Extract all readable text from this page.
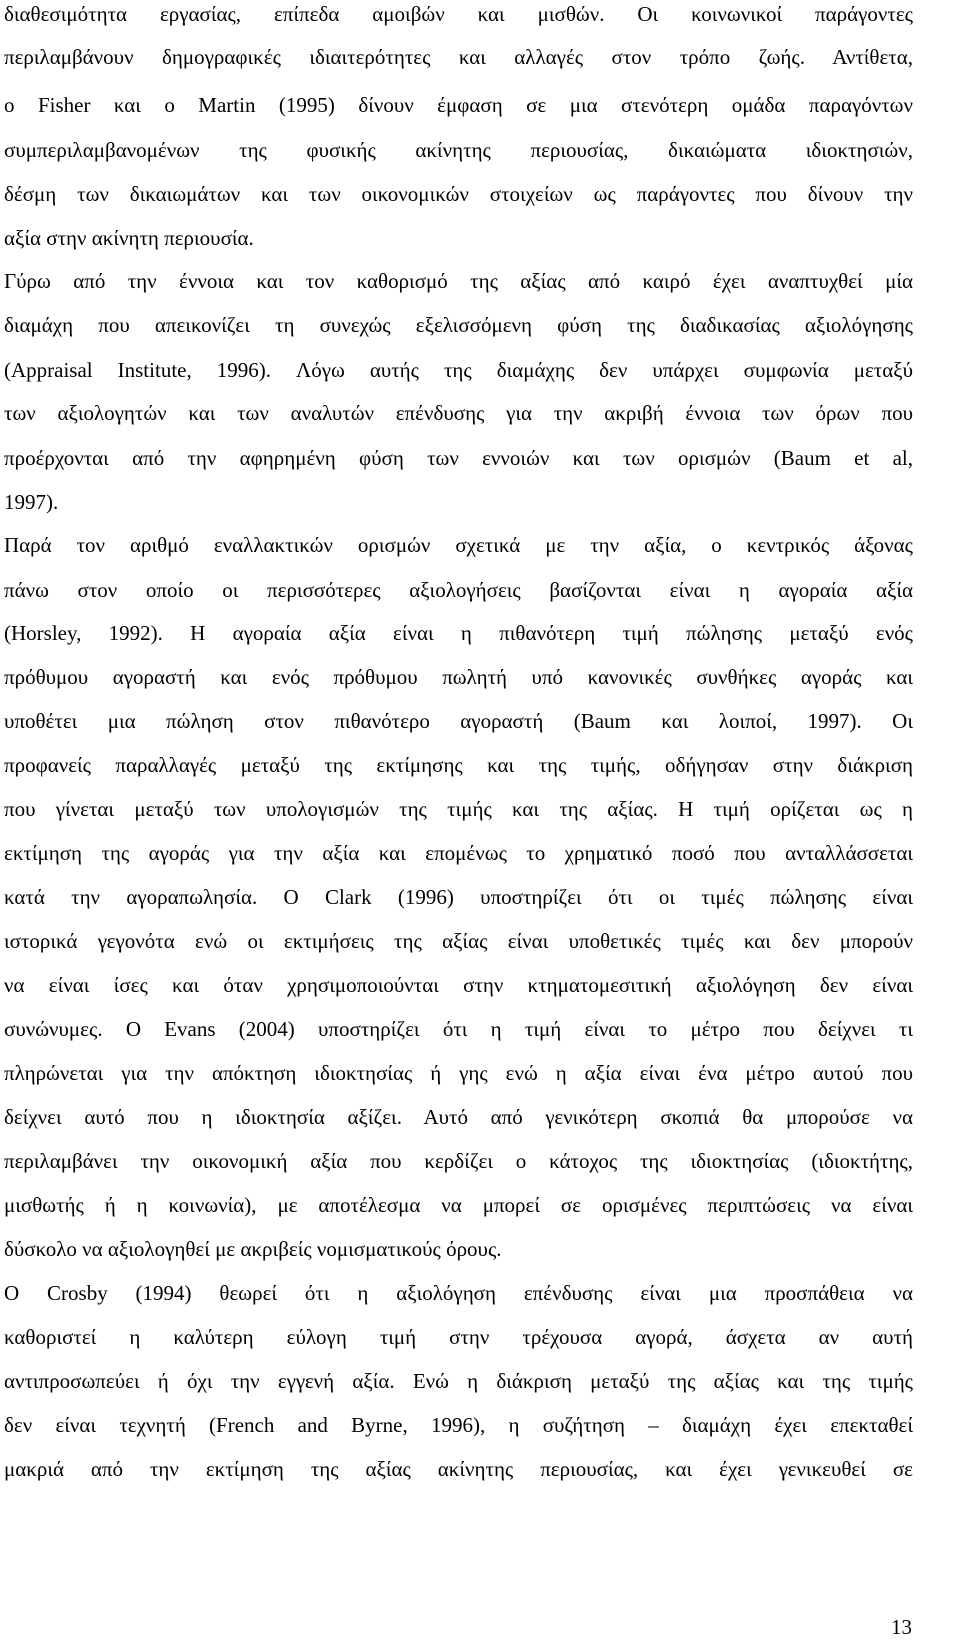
διαθεσιμότητα εργασίας, επίπεδα αμοιβών και μισθών. Οι κοινωνικοί παράγοντες
περιλαμβάνουν δημογραφικές ιδιαιτερότητες και αλλαγές στον τρόπο ζωής. Αντίθετα,
ο Fisher και ο Martin (1995) δίνουν έμφαση σε μια στενότερη ομάδα παραγόντων
συμπεριλαμβανομένων της φυσικής ακίνητης περιουσίας, δικαιώματα ιδιοκτησιών,
δέσμη των δικαιωμάτων και των οικονομικών στοιχείων ως παράγοντες που δίνουν την
αξία στην ακίνητη περιουσία.
Γύρω από την έννοια και τον καθορισμό της αξίας από καιρό έχει αναπτυχθεί μία
διαμάχη που απεικονίζει τη συνεχώς εξελισσόμενη φύση της διαδικασίας αξιολόγησης
(Appraisal Institute, 1996). Λόγω αυτής της διαμάχης δεν υπάρχει συμφωνία μεταξύ
των αξιολογητών και των αναλυτών επένδυσης για την ακριβή έννοια των όρων που
προέρχονται από την αφηρημένη φύση των εννοιών και των ορισμών (Baum et al,
1997).
Παρά τον αριθμό εναλλακτικών ορισμών σχετικά με την αξία, ο κεντρικός άξονας
πάνω στον οποίο οι περισσότερες αξιολογήσεις βασίζονται είναι η αγοραία αξία
(Horsley, 1992). Η αγοραία αξία είναι η πιθανότερη τιμή πώλησης μεταξύ ενός
πρόθυμου αγοραστή και ενός πρόθυμου πωλητή υπό κανονικές συνθήκες αγοράς και
υποθέτει μια πώληση στον πιθανότερο αγοραστή (Baum και λοιποί, 1997). Οι
προφανείς παραλλαγές μεταξύ της εκτίμησης και της τιμής, οδήγησαν στην διάκριση
που γίνεται μεταξύ των υπολογισμών της τιμής και της αξίας. Η τιμή ορίζεται ως η
εκτίμηση της αγοράς για την αξία και επομένως το χρηματικό ποσό που ανταλλάσσεται
κατά την αγοραπωλησία. Ο Clark (1996) υποστηρίζει ότι οι τιμές πώλησης είναι
ιστορικά γεγονότα ενώ οι εκτιμήσεις της αξίας είναι υποθετικές τιμές και δεν μπορούν
να είναι ίσες και όταν χρησιμοποιούνται στην κτηματομεσιτική αξιολόγηση δεν είναι
συνώνυμες. Ο Evans (2004) υποστηρίζει ότι η τιμή είναι το μέτρο που δείχνει τι
πληρώνεται για την απόκτηση ιδιοκτησίας ή γης ενώ η αξία είναι ένα μέτρο αυτού που
δείχνει αυτό που η ιδιοκτησία αξίζει. Αυτό από γενικότερη σκοπιά θα μπορούσε να
περιλαμβάνει την οικονομική αξία που κερδίζει ο κάτοχος της ιδιοκτησίας (ιδιοκτήτης,
μισθωτής ή η κοινωνία), με αποτέλεσμα να μπορεί σε ορισμένες περιπτώσεις να είναι
δύσκολο να αξιολογηθεί με ακριβείς νομισματικούς όρους.
Ο Crosby (1994) θεωρεί ότι η αξιολόγηση επένδυσης είναι μια προσπάθεια να
καθοριστεί η καλύτερη εύλογη τιμή στην τρέχουσα αγορά, άσχετα αν αυτή
αντιπροσωπεύει ή όχι την εγγενή αξία. Ενώ η διάκριση μεταξύ της αξίας και της τιμής
δεν είναι τεχνητή (French and Byrne, 1996), η συζήτηση – διαμάχη έχει επεκταθεί
μακριά από την εκτίμηση της αξίας ακίνητης περιουσίας, και έχει γενικευθεί σε
13
